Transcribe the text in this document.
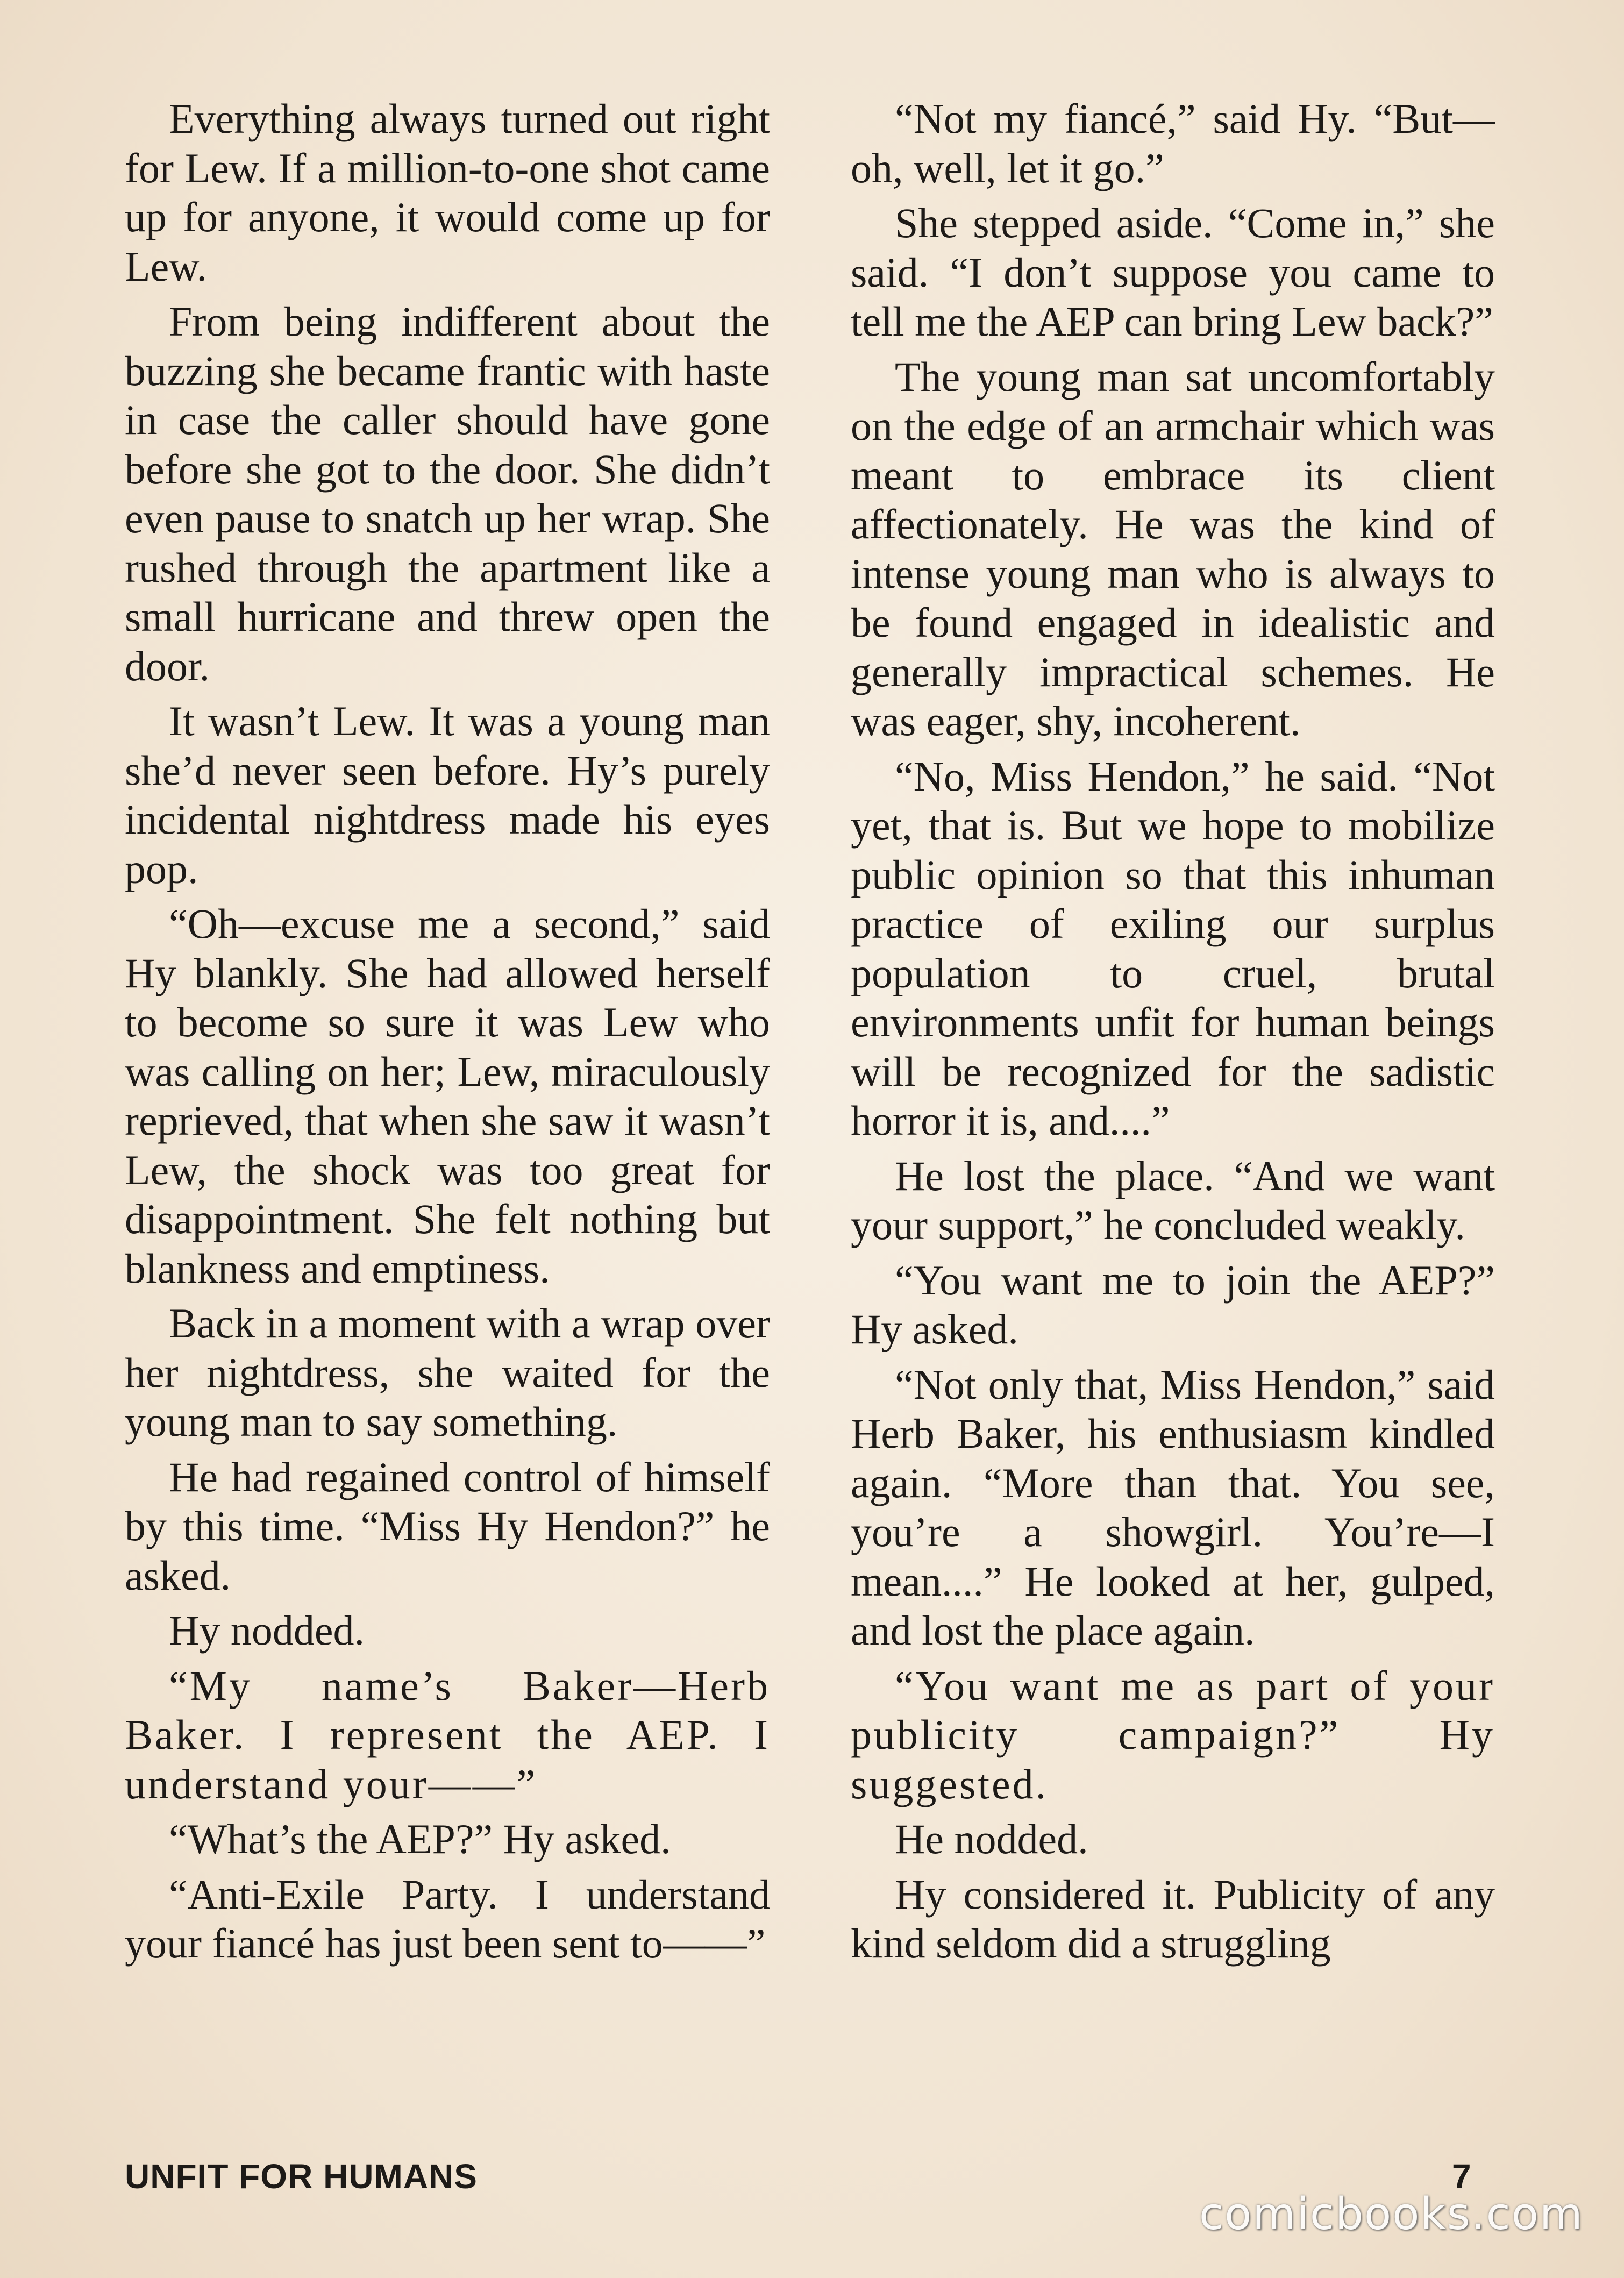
Everything always turned out right for Lew. If a million-to-one shot came up for anyone, it would come up for Lew.

From being indifferent about the buzzing she became frantic with haste in case the caller should have gone before she got to the door. She didn’t even pause to snatch up her wrap. She rushed through the apartment like a small hurricane and threw open the door.

It wasn’t Lew. It was a young man she’d never seen before. Hy’s purely incidental nightdress made his eyes pop.

“Oh—excuse me a second,” said Hy blankly. She had allowed herself to become so sure it was Lew who was calling on her; Lew, miraculously reprieved, that when she saw it wasn’t Lew, the shock was too great for disappointment. She felt nothing but blankness and emptiness.

Back in a moment with a wrap over her nightdress, she waited for the young man to say something.

He had regained control of himself by this time. “Miss Hy Hendon?” he asked.

Hy nodded.

“My name’s Baker—Herb Baker. I represent the AEP. I understand your——”

“What’s the AEP?” Hy asked.

“Anti-Exile Party. I understand your fiancé has just been sent to——”

“Not my fiancé,” said Hy. “But—oh, well, let it go.”

She stepped aside. “Come in,” she said. “I don’t suppose you came to tell me the AEP can bring Lew back?”

The young man sat uncomfortably on the edge of an armchair which was meant to embrace its client affectionately. He was the kind of intense young man who is always to be found engaged in idealistic and generally impractical schemes. He was eager, shy, incoherent.

“No, Miss Hendon,” he said. “Not yet, that is. But we hope to mobilize public opinion so that this inhuman practice of exiling our surplus population to cruel, brutal environments unfit for human beings will be recognized for the sadistic horror it is, and....”

He lost the place. “And we want your support,” he concluded weakly.

“You want me to join the AEP?” Hy asked.

“Not only that, Miss Hendon,” said Herb Baker, his enthusiasm kindled again. “More than that. You see, you’re a showgirl. You’re—I mean....” He looked at her, gulped, and lost the place again.

“You want me as part of your publicity campaign?” Hy suggested.

He nodded.

Hy considered it. Publicity of any kind seldom did a struggling

UNFIT FOR HUMANS	7
comicbooks.com
